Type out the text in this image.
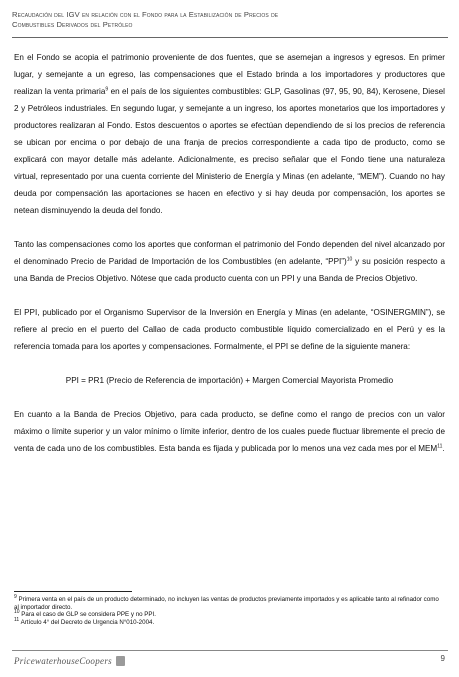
Recaudación del IGV en relación con el Fondo para la Estabilización de Precios de
Combustibles Derivados del Petróleo

En el Fondo se acopia el patrimonio proveniente de dos fuentes, que se asemejan a ingresos y egresos. En primer lugar, y semejante a un egreso, las compensaciones que el Estado brinda a los importadores y productores que realizan la venta primaria$^9$ en el país de los siguientes combustibles: GLP, Gasolinas (97, 95, 90, 84), Kerosene, Diesel 2 y Petróleos industriales. En segundo lugar, y semejante a un ingreso, los aportes monetarios que los importadores y productores realizaran al Fondo. Estos descuentos o aportes se efectúan dependiendo de si los precios de referencia se ubican por encima o por debajo de una franja de precios correspondiente a cada tipo de producto, como se explicará con mayor detalle más adelante. Adicionalmente, es preciso señalar que el Fondo tiene una naturaleza virtual, representado por una cuenta corriente del Ministerio de Energía y Minas (en adelante, “MEM”). Cuando no hay deuda por compensación las aportaciones se hacen en efectivo y si hay deuda por compensación, los aportes se netean disminuyendo la deuda del fondo.

Tanto las compensaciones como los aportes que conforman el patrimonio del Fondo dependen del nivel alcanzado por el denominado Precio de Paridad de Importación de los Combustibles (en adelante, “PPI”)$^{10}$ y su posición respecto a una Banda de Precios Objetivo. Nótese que cada producto cuenta con un PPI y una Banda de Precios Objetivo.

El PPI, publicado por el Organismo Supervisor de la Inversión en Energía y Minas (en adelante, “OSINERGMIN”), se refiere al precio en el puerto del Callao de cada producto combustible líquido comercializado en el Perú y es la referencia tomada para los aportes y compensaciones. Formalmente, el PPI se define de la siguiente manera:

PPI = PR1 (Precio de Referencia de importación) + Margen Comercial Mayorista Promedio

En cuanto a la Banda de Precios Objetivo, para cada producto, se define como el rango de precios con un valor máximo o límite superior y un valor mínimo o límite inferior, dentro de los cuales puede fluctuar libremente el precio de venta de cada uno de los combustibles. Esta banda es fijada y publicada por lo menos una vez cada mes por el MEM$^{11}$.

$^9$ Primera venta en el país de un producto determinado, no incluyen las ventas de productos previamente importados y es aplicable tanto al refinador como al importador directo.
$^{10}$ Para el caso de GLP se considera PPE y no PPI.
$^{11}$ Artículo 4° del Decreto de Urgencia N°010-2004.
PricewaterhouseCoopers	9
